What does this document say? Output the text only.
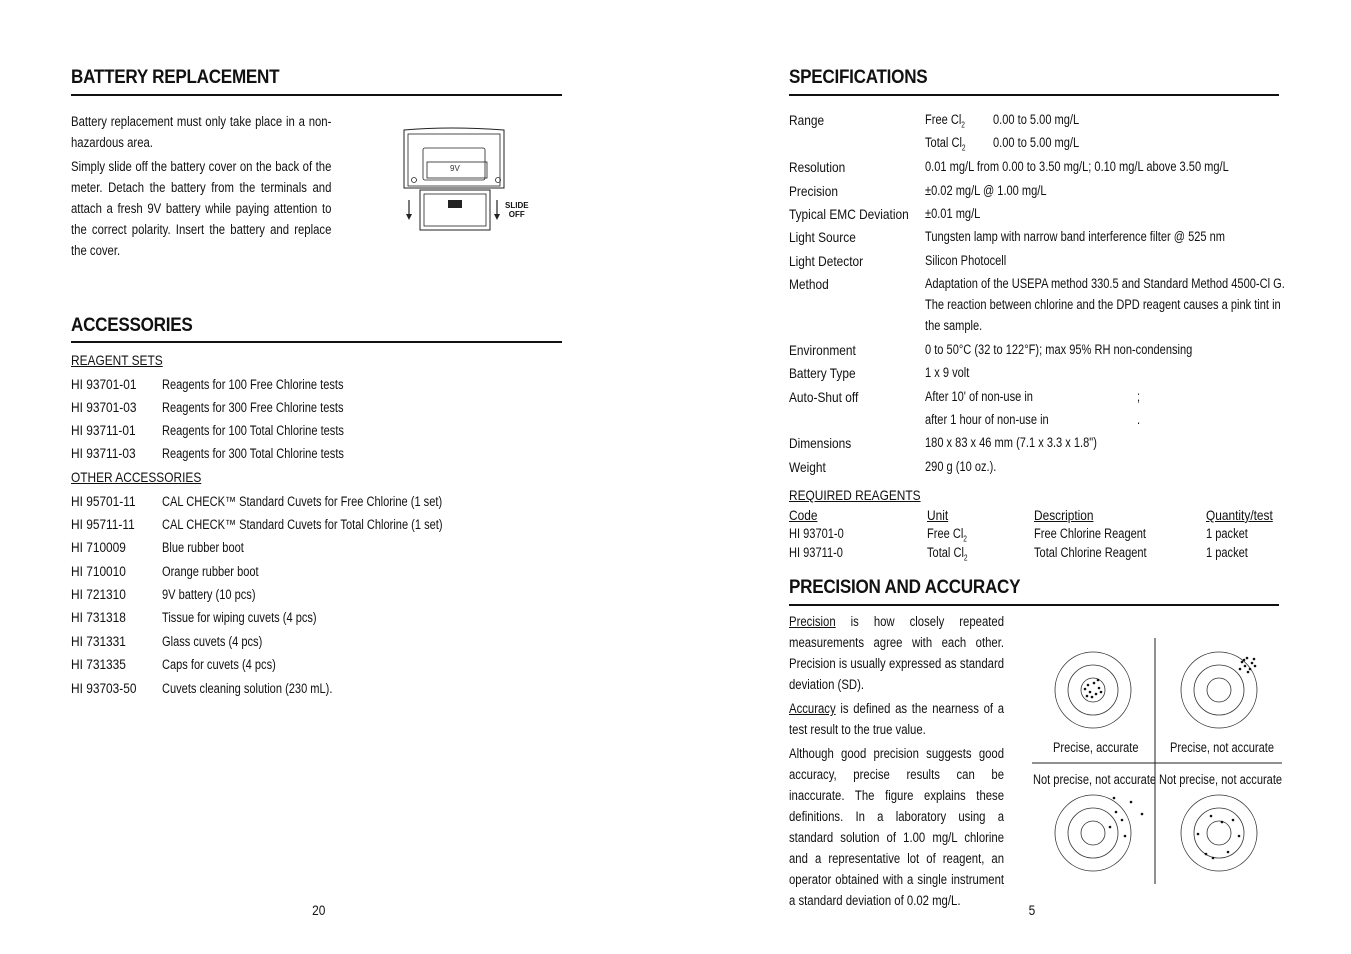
BATTERY REPLACEMENT
Battery replacement must only take place in a non-hazardous area.
Simply slide off the battery cover on the back of the meter. Detach the battery from the terminals and attach a fresh 9V battery while paying attention to the correct polarity. Insert the battery and replace the cover.
9V
SLIDE
OFF
ACCESSORIES
REAGENT SETS
HI 93701-01 Reagents for 100 Free Chlorine tests
HI 93701-03 Reagents for 300 Free Chlorine tests
HI 93711-01 Reagents for 100 Total Chlorine tests
HI 93711-03 Reagents for 300 Total Chlorine tests
OTHER ACCESSORIES
HI 95701-11 CAL CHECK™ Standard Cuvets for Free Chlorine (1 set)
HI 95711-11 CAL CHECK™ Standard Cuvets for Total Chlorine (1 set)
HI 710009	Blue rubber boot
HI 710010	Orange rubber boot
HI 721310	9V battery (10 pcs)
HI 731318	Tissue for wiping cuvets (4 pcs)
HI 731331	Glass cuvets (4 pcs)
HI 731335	Caps for cuvets (4 pcs)
HI 93703-50 Cuvets cleaning solution (230 mL).
20
SPECIFICATIONS
Range	Free $Cl_2$ 0.00 to 5.00 mg/L
Total $Cl_2$ 0.00 to 5.00 mg/L
Resolution	0.01 mg/L from 0.00 to 3.50 mg/L; 0.10 mg/L above 3.50 mg/L
Precision	±0.02 mg/L @ 1.00 mg/L
Typical EMC Deviation ±0.01 mg/L
Light Source	Tungsten lamp with narrow band interference filter @ 525 nm
Light Detector	Silicon Photocell
Method	Adaptation of the USEPA method 330.5 and Standard Method 4500-Cl G.
The reaction between chlorine and the DPD reagent causes a pink tint in
the sample.
Environment	0 to 50°C (32 to 122°F); max 95% RH non-condensing
Battery Type	1 x 9 volt
Auto-Shut off	After 10' of non-use in	;
after 1 hour of non-use in	.
Dimensions	180 x 83 x 46 mm (7.1 x 3.3 x 1.8")
Weight	290 g (10 oz.).
REQUIRED REAGENTS
Code	Unit	Description	Quantity/test
HI 93701-0	Free $Cl_2$	Free Chlorine Reagent	1 packet
HI 93711-0	Total $Cl_2$	Total Chlorine Reagent	1 packet
PRECISION AND ACCURACY
Precision is how closely repeated measurements agree with each other. Precision is usually expressed as standard deviation (SD).
Accuracy is defined as the nearness of a test result to the true value.
Although good precision suggests good accuracy, precise results can be inaccurate. The figure explains these definitions. In a laboratory using a standard solution of 1.00 mg/L chlorine and a representative lot of reagent, an operator obtained with a single instrument a standard deviation of 0.02 mg/L.
Precise, accurate Precise, not accurate
Not precise, not accurate Not precise, not accurate
5
